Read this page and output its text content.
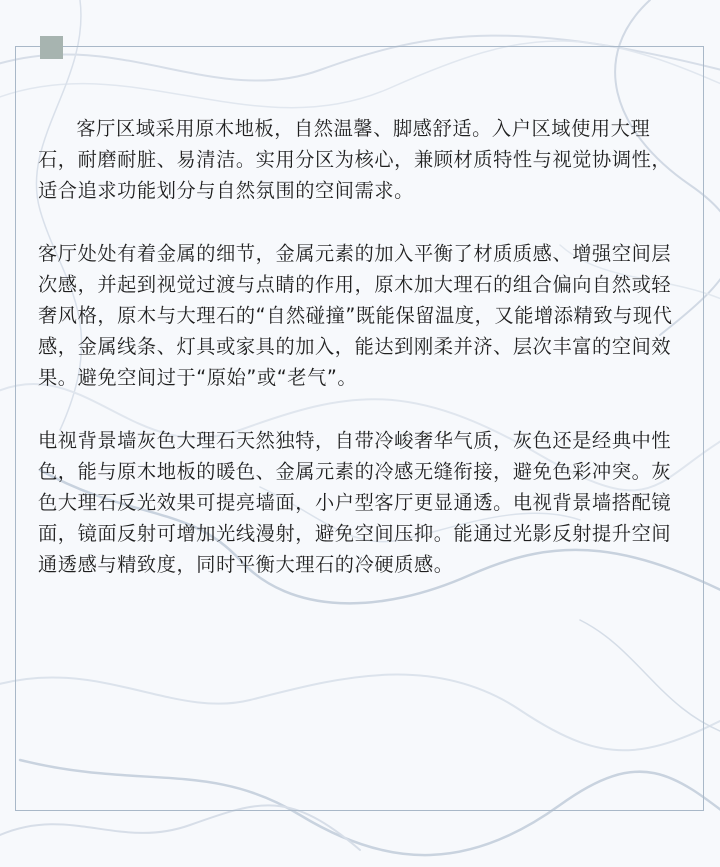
客厅区域采用原木地板，自然温馨、脚感舒适。入户区域使用大理石，耐磨耐脏、易清洁。实用分区为核心，兼顾材质特性与视觉协调性，适合追求功能划分与自然氛围的空间需求。

客厅处处有着金属的细节，金属元素的加入平衡了材质质感、增强空间层次感，并起到视觉过渡与点睛的作用，原木加大理石的组合偏向自然或轻奢风格，原木与大理石的“自然碰撞”既能保留温度，又能增添精致与现代感，金属线条、灯具或家具的加入，能达到刚柔并济、层次丰富的空间效果。避免空间过于“原始”或“老气”。

电视背景墙灰色大理石天然独特，自带冷峻奢华气质，灰色还是经典中性色，能与原木地板的暖色、金属元素的冷感无缝衔接，避免色彩冲突。灰色大理石反光效果可提亮墙面，小户型客厅更显通透。电视背景墙搭配镜面，镜面反射可增加光线漫射，避免空间压抑。能通过光影反射提升空间通透感与精致度，同时平衡大理石的冷硬质感。
